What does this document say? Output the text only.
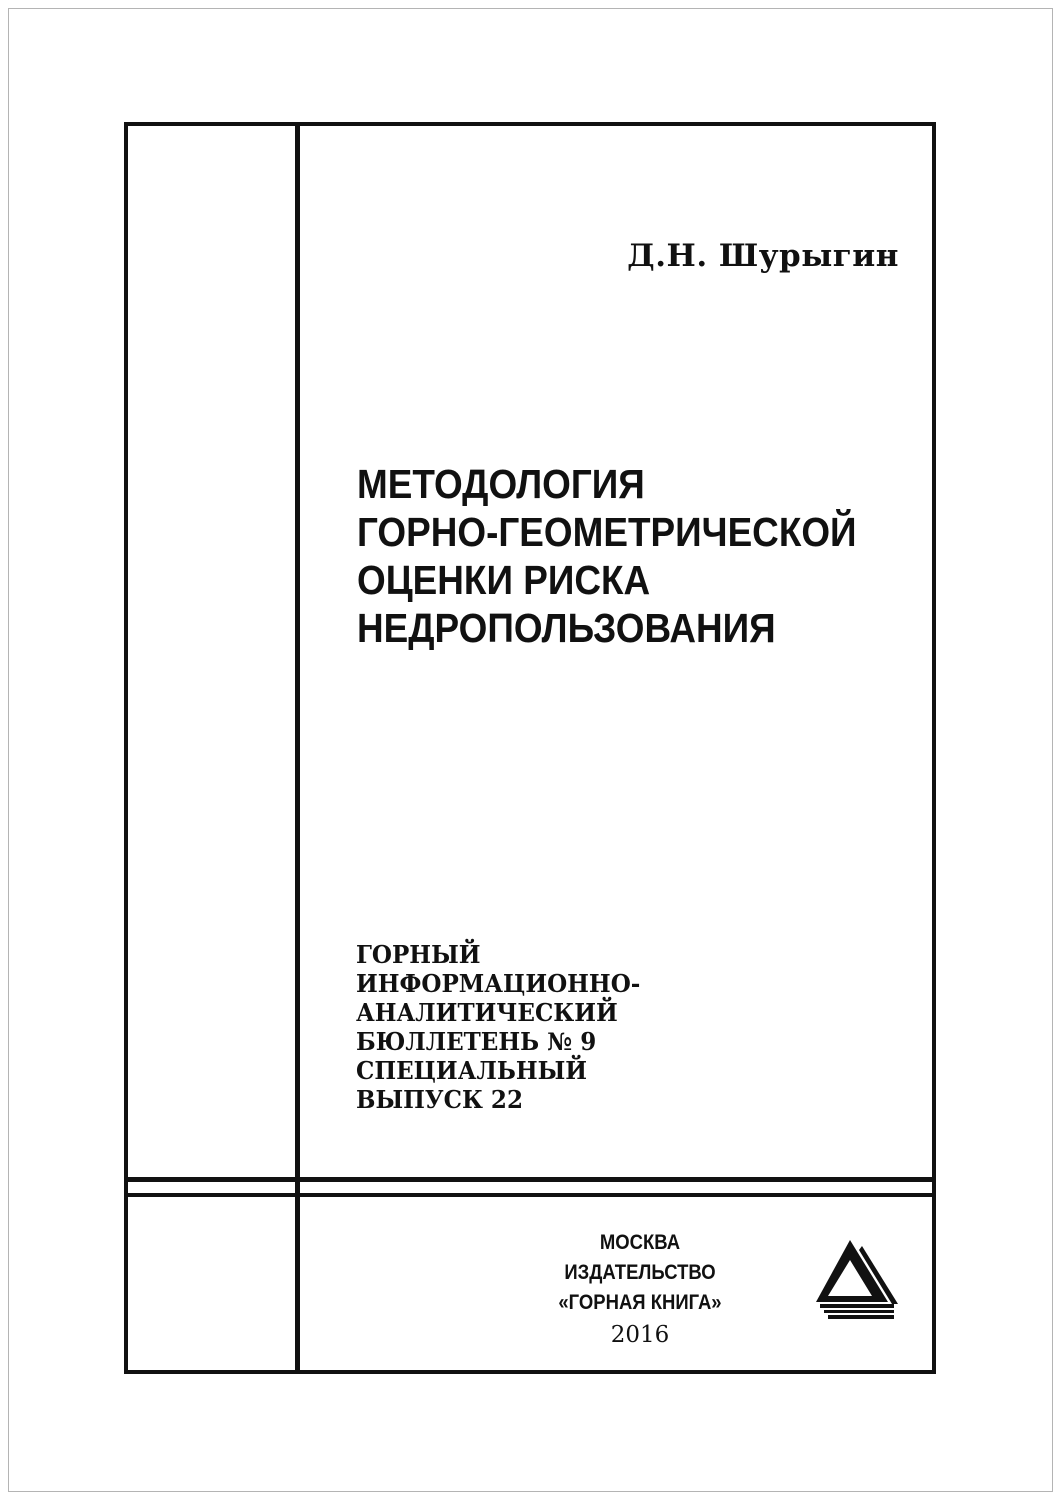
Д.Н. Шурыгин

МЕТОДОЛОГИЯ
ГОРНО-ГЕОМЕТРИЧЕСКОЙ
ОЦЕНКИ РИСКА
НЕДРОПОЛЬЗОВАНИЯ

ГОРНЫЙ
ИНФОРМАЦИОННО-
АНАЛИТИЧЕСКИЙ
БЮЛЛЕТЕНЬ № 9
СПЕЦИАЛЬНЫЙ
ВЫПУСК 22

МОСКВА
ИЗДАТЕЛЬСТВО
«ГОРНАЯ КНИГА»
2016
